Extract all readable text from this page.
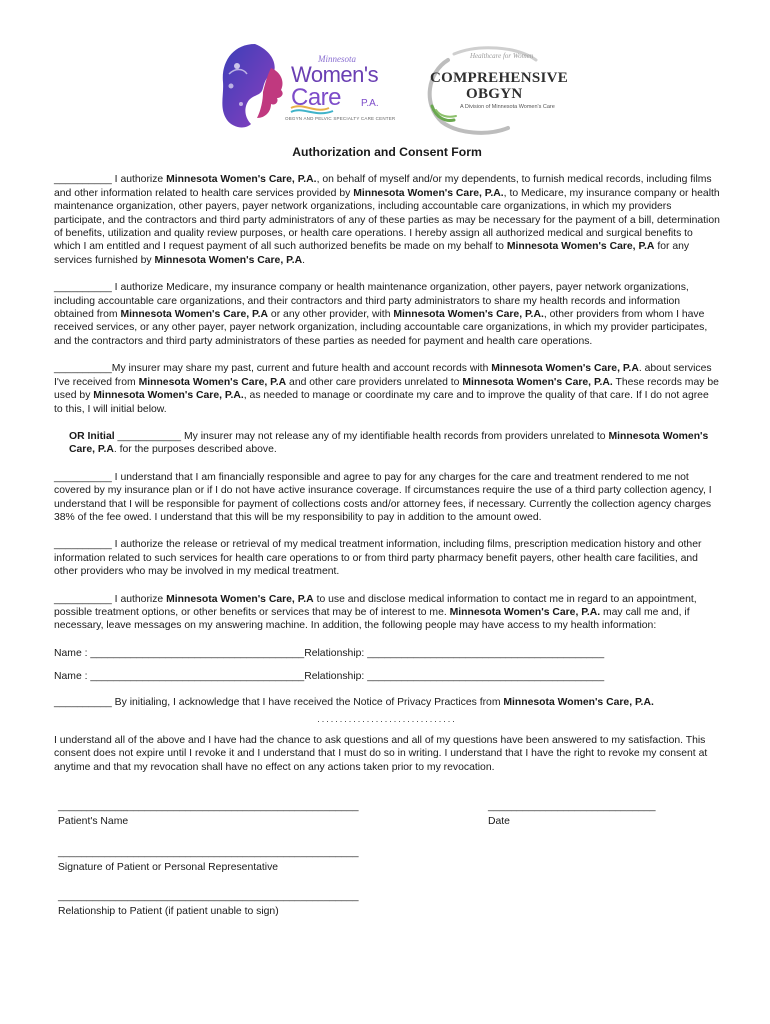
Minnesota
Women's
Care P.A.
OBGYN AND PELVIC SPECIALTY CARE CENTER
Healthcare for Women
COMPREHENSIVE
OBGYN
A Division of Minnesota Women's Care
Authorization and Consent Form
__________ I authorize Minnesota Women's Care, P.A., on behalf of myself and/or my dependents, to furnish medical records, including films and other information related to health care services provided by Minnesota Women's Care, P.A., to Medicare, my insurance company or health maintenance organization, other payers, payer network organizations, including accountable care organizations, in which my providers participate, and the contractors and third party administrators of any of these parties as may be necessary for the payment of a bill, determination of benefits, utilization and quality review purposes, or health care operations. I hereby assign all authorized medical and surgical benefits to which I am entitled and I request payment of all such authorized benefits be made on my behalf to Minnesota Women's Care, P.A for any services furnished by Minnesota Women's Care, P.A.
__________ I authorize Medicare, my insurance company or health maintenance organization, other payers, payer network organizations, including accountable care organizations, and their contractors and third party administrators to share my health records and information obtained from Minnesota Women's Care, P.A or any other provider, with Minnesota Women's Care, P.A., other providers from whom I have received services, or any other payer, payer network organization, including accountable care organizations, in which my provider participates, and the contractors and third party administrators of these parties as needed for payment and health care operations.
__________My insurer may share my past, current and future health and account records with Minnesota Women's Care, P.A. about services I've received from Minnesota Women's Care, P.A and other care providers unrelated to Minnesota Women's Care, P.A. These records may be used by Minnesota Women's Care, P.A., as needed to manage or coordinate my care and to improve the quality of that care. If I do not agree to this, I will initial below.
OR Initial ___________ My insurer may not release any of my identifiable health records from providers unrelated to Minnesota Women's Care, P.A. for the purposes described above.
__________ I understand that I am financially responsible and agree to pay for any charges for the care and treatment rendered to me not covered by my insurance plan or if I do not have active insurance coverage. If circumstances require the use of a third party collection agency, I understand that I will be responsible for payment of collections costs and/or attorney fees, if necessary. Currently the collection agency charges 38% of the fee owed. I understand that this will be my responsibility to pay in addition to the amount owed.
__________ I authorize the release or retrieval of my medical treatment information, including films, prescription medication history and other information related to such services for health care operations to or from third party pharmacy benefit payers, other health care facilities, and other providers who may be involved in my medical treatment.
__________ I authorize Minnesota Women's Care, P.A to use and disclose medical information to contact me in regard to an appointment, possible treatment options, or other benefits or services that may be of interest to me. Minnesota Women's Care, P.A. may call me and, if necessary, leave messages on my answering machine. In addition, the following people may have access to my health information:
Name : _____________________________________Relationship: _________________________________________
Name : _____________________________________Relationship: _________________________________________
__________ By initialing, I acknowledge that I have received the Notice of Privacy Practices from Minnesota Women's Care, P.A.
...............................
I understand all of the above and I have had the chance to ask questions and all of my questions have been answered to my satisfaction. This consent does not expire until I revoke it and I understand that I must do so in writing. I understand that I have the right to revoke my consent at anytime and that my revocation shall have no effect on any actions taken prior to my revocation.
____________________________________________________
Patient's Name
_____________________________
Date
____________________________________________________
Signature of Patient or Personal Representative
____________________________________________________
Relationship to Patient (if patient unable to sign)
